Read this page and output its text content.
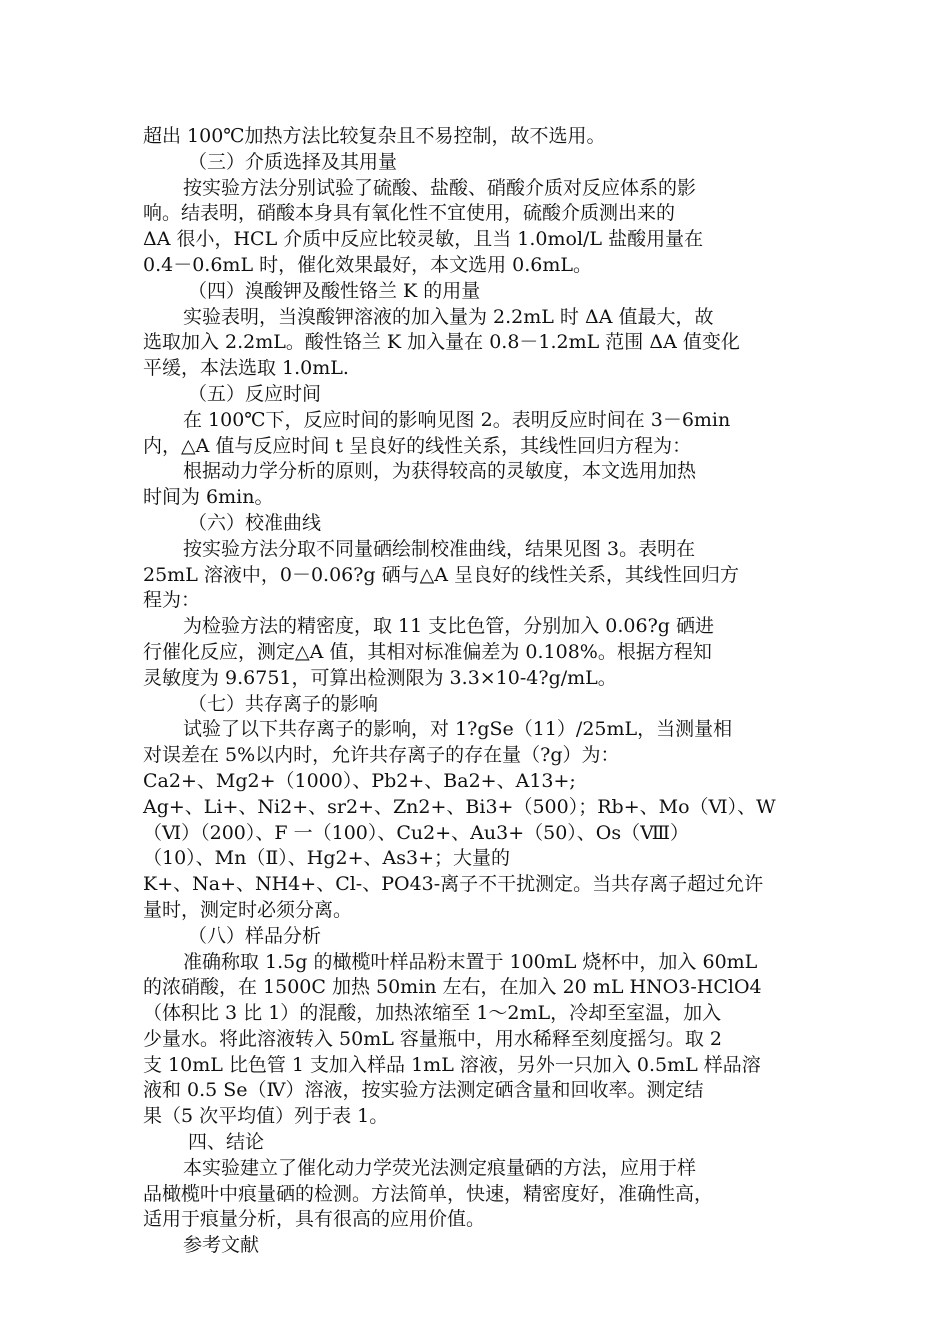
超出 100℃加热方法比较复杂且不易控制，故不选用。
（三）介质选择及其用量
按实验方法分别试验了硫酸、盐酸、硝酸介质对反应体系的影
响。结表明，硝酸本身具有氧化性不宜使用，硫酸介质测出来的
ΔA 很小，HCL 介质中反应比较灵敏，且当 1.0mol/L 盐酸用量在
0.4－0.6mL 时，催化效果最好，本文选用 0.6mL。
（四）溴酸钾及酸性铬兰 K 的用量
实验表明，当溴酸钾溶液的加入量为 2.2mL 时 ΔA 值最大，故
选取加入 2.2mL。酸性铬兰 K 加入量在 0.8－1.2mL 范围 ΔA 值变化
平缓，本法选取 1.0mL.
（五）反应时间
在 100℃下，反应时间的影响见图 2。表明反应时间在 3－6min
内，△A 值与反应时间 t 呈良好的线性关系，其线性回归方程为：
根据动力学分析的原则，为获得较高的灵敏度，本文选用加热
时间为 6min。
（六）校准曲线
按实验方法分取不同量硒绘制校准曲线，结果见图 3。表明在
25mL 溶液中，0－0.06?g 硒与△A 呈良好的线性关系，其线性回归方
程为：
为检验方法的精密度，取 11 支比色管，分别加入 0.06?g 硒进
行催化反应，测定△A 值，其相对标准偏差为 0.108%。根据方程知
灵敏度为 9.6751，可算出检测限为 3.3×10-4?g/mL。
（七）共存离子的影响
试验了以下共存离子的影响，对 1?gSe（11）/25mL，当测量相
对误差在 5%以内时，允许共存离子的存在量（?g）为：
Ca2+、Mg2+（1000）、Pb2+、Ba2+、A13+;
Ag+、Li+、Ni2+、sr2+、Zn2+、Bi3+（500）；Rb+、Mo（Ⅵ）、W
（Ⅵ）（200）、F 一（100）、Cu2+、Au3+（50）、Os（Ⅷ）
（10）、Mn（Ⅱ）、Hg2+、As3+；大量的
K+、Na+、NH4+、Cl-、PO43-离子不干扰测定。当共存离子超过允许
量时，测定时必须分离。
（八）样品分析
准确称取 1.5g 的橄榄叶样品粉末置于 100mL 烧杯中，加入 60mL
的浓硝酸，在 1500C 加热 50min 左右，在加入 20 mL HNO3-HClO4
（体积比 3 比 1）的混酸，加热浓缩至 1～2mL，冷却至室温，加入
少量水。将此溶液转入 50mL 容量瓶中，用水稀释至刻度摇匀。取 2
支 10mL 比色管 1 支加入样品 1mL 溶液，另外一只加入 0.5mL 样品溶
液和 0.5 Se（Ⅳ）溶液，按实验方法测定硒含量和回收率。测定结
果（5 次平均值）列于表 1。
四、结论
本实验建立了催化动力学荧光法测定痕量硒的方法，应用于样
品橄榄叶中痕量硒的检测。方法简单，快速，精密度好，准确性高，
适用于痕量分析，具有很高的应用价值。
参考文献
